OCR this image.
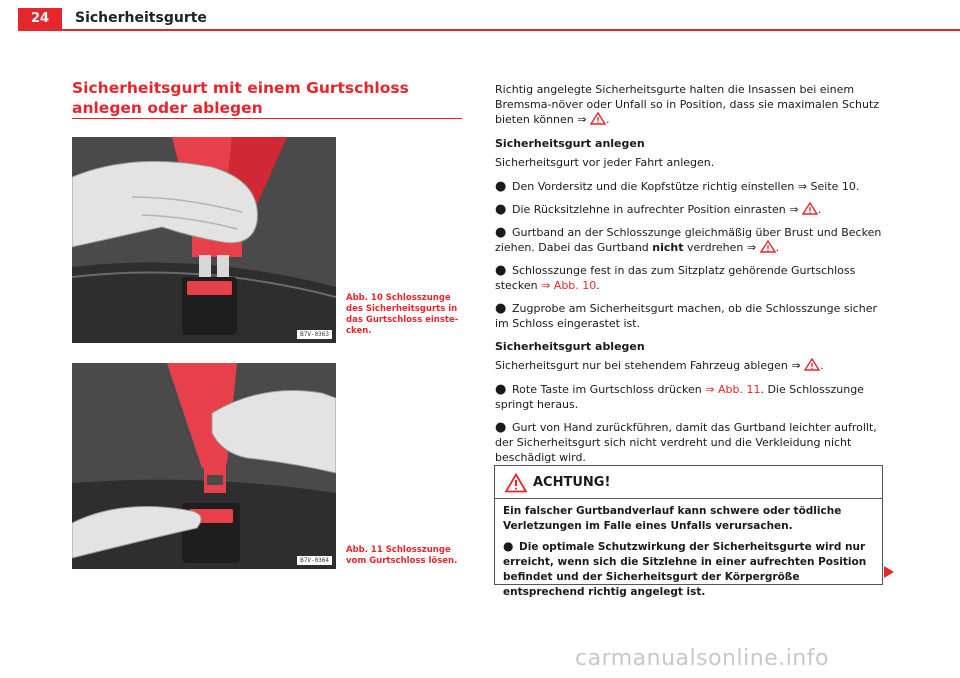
24	Sicherheitsgurte
Sicherheitsgurt mit einem Gurtschloss anlegen oder ablegen
B7V-0363
Abb. 10 Schlosszunge des Sicherheitsgurts in das Gurtschloss einste-cken.
B7V-0364
Abb. 11 Schlosszunge vom Gurtschloss lösen.

Richtig angelegte Sicherheitsgurte halten die Insassen bei einem Bremsma-növer oder Unfall so in Position, dass sie maximalen Schutz bieten können ⇒ .

Sicherheitsgurt anlegen

Sicherheitsgurt vor jeder Fahrt anlegen.

● Den Vordersitz und die Kopfstütze richtig einstellen ⇒ Seite 10.

● Die Rücksitzlehne in aufrechter Position einrasten ⇒ .

● Gurtband an der Schlosszunge gleichmäßig über Brust und Becken ziehen. Dabei das Gurtband nicht verdrehen ⇒ .

● Schlosszunge fest in das zum Sitzplatz gehörende Gurtschloss stecken ⇒ Abb. 10.

● Zugprobe am Sicherheitsgurt machen, ob die Schlosszunge sicher im Schloss eingerastet ist.

Sicherheitsgurt ablegen

Sicherheitsgurt nur bei stehendem Fahrzeug ablegen ⇒ .

● Rote Taste im Gurtschloss drücken ⇒ Abb. 11. Die Schlosszunge springt heraus.

● Gurt von Hand zurückführen, damit das Gurtband leichter aufrollt, der Sicherheitsgurt sich nicht verdreht und die Verkleidung nicht beschädigt wird.

ACHTUNG!

Ein falscher Gurtbandverlauf kann schwere oder tödliche Verletzungen im Falle eines Unfalls verursachen.

● Die optimale Schutzwirkung der Sicherheitsgurte wird nur erreicht, wenn sich die Sitzlehne in einer aufrechten Position befindet und der Sicherheitsgurt der Körpergröße entsprechend richtig angelegt ist.

carmanualsonline.info
